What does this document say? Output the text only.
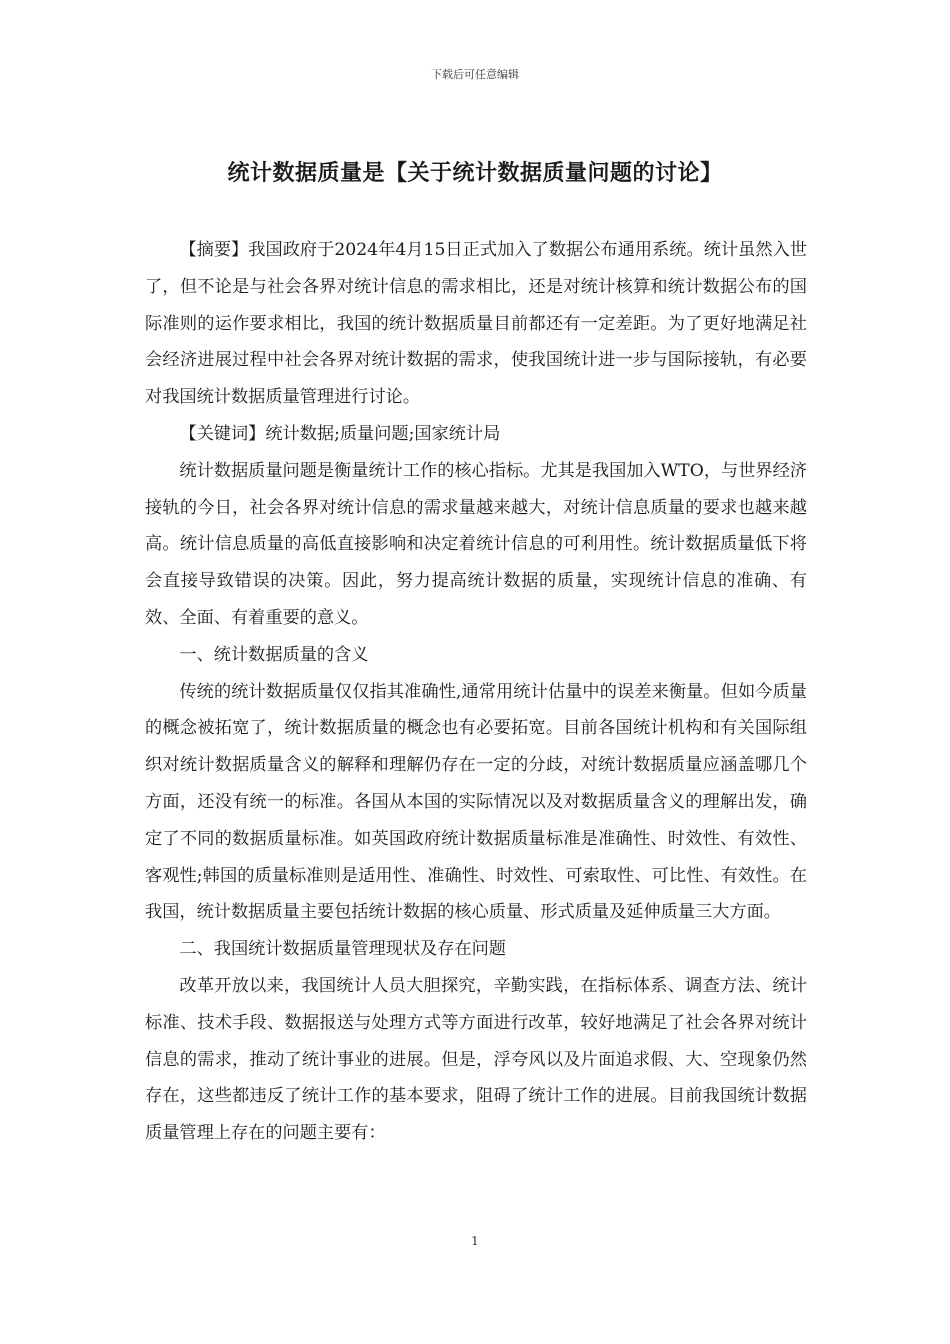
下载后可任意编辑
统计数据质量是【关于统计数据质量问题的讨论】

【摘要】我国政府于2024年4月15日正式加入了数据公布通用系统。统计虽然入世了，但不论是与社会各界对统计信息的需求相比，还是对统计核算和统计数据公布的国际准则的运作要求相比，我国的统计数据质量目前都还有一定差距。为了更好地满足社会经济进展过程中社会各界对统计数据的需求，使我国统计进一步与国际接轨，有必要对我国统计数据质量管理进行讨论。

【关键词】统计数据;质量问题;国家统计局

统计数据质量问题是衡量统计工作的核心指标。尤其是我国加入WTO，与世界经济接轨的今日，社会各界对统计信息的需求量越来越大，对统计信息质量的要求也越来越高。统计信息质量的高低直接影响和决定着统计信息的可利用性。统计数据质量低下将会直接导致错误的决策。因此，努力提高统计数据的质量，实现统计信息的准确、有效、全面、有着重要的意义。

一、统计数据质量的含义

传统的统计数据质量仅仅指其准确性,通常用统计估量中的误差来衡量。但如今质量的概念被拓宽了，统计数据质量的概念也有必要拓宽。目前各国统计机构和有关国际组织对统计数据质量含义的解释和理解仍存在一定的分歧，对统计数据质量应涵盖哪几个方面，还没有统一的标准。各国从本国的实际情况以及对数据质量含义的理解出发，确定了不同的数据质量标准。如英国政府统计数据质量标准是准确性、时效性、有效性、客观性;韩国的质量标准则是适用性、准确性、时效性、可索取性、可比性、有效性。在我国，统计数据质量主要包括统计数据的核心质量、形式质量及延伸质量三大方面。

二、我国统计数据质量管理现状及存在问题

改革开放以来，我国统计人员大胆探究，辛勤实践，在指标体系、调查方法、统计标准、技术手段、数据报送与处理方式等方面进行改革，较好地满足了社会各界对统计信息的需求，推动了统计事业的进展。但是，浮夸风以及片面追求假、大、空现象仍然存在，这些都违反了统计工作的基本要求，阻碍了统计工作的进展。目前我国统计数据质量管理上存在的问题主要有：

1
